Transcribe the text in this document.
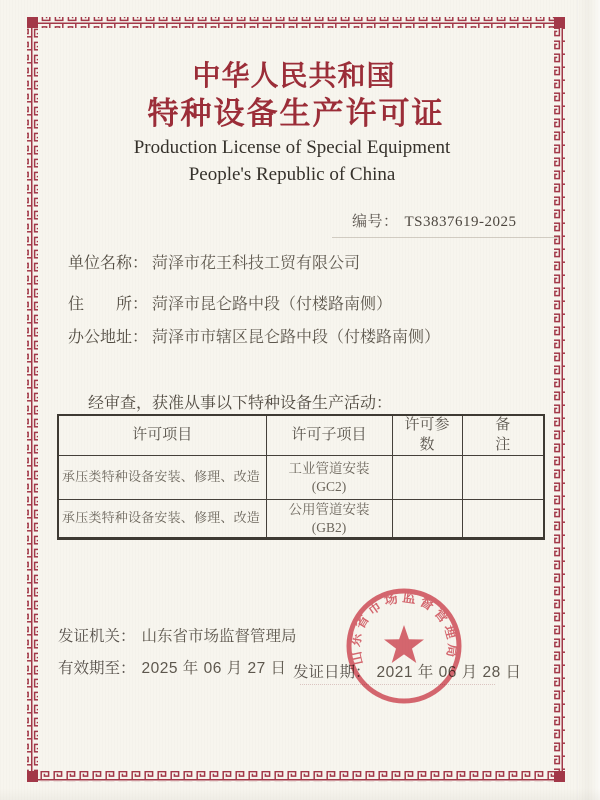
中华人民共和国
特种设备生产许可证
Production License of Special Equipment
People's Republic of China
编号： TS3837619-2025
单位名称： 菏泽市花王科技工贸有限公司
住　　所： 菏泽市昆仑路中段（付楼路南侧）
办公地址： 菏泽市市辖区昆仑路中段（付楼路南侧）
经审查，获准从事以下特种设备生产活动：
许可项目	许可子项目	许可参数	备注
承压类特种设备安装、修理、改造	工业管道安装
(GC2)		

承压类特种设备安装、修理、改造	公用管道安装
(GB2)		

发证机关： 山东省市场监督管理局
有效期至： 2025 年 06 月 27 日 发证日期： 2021 年 06 月 28 日
山东省市场监督管理局
